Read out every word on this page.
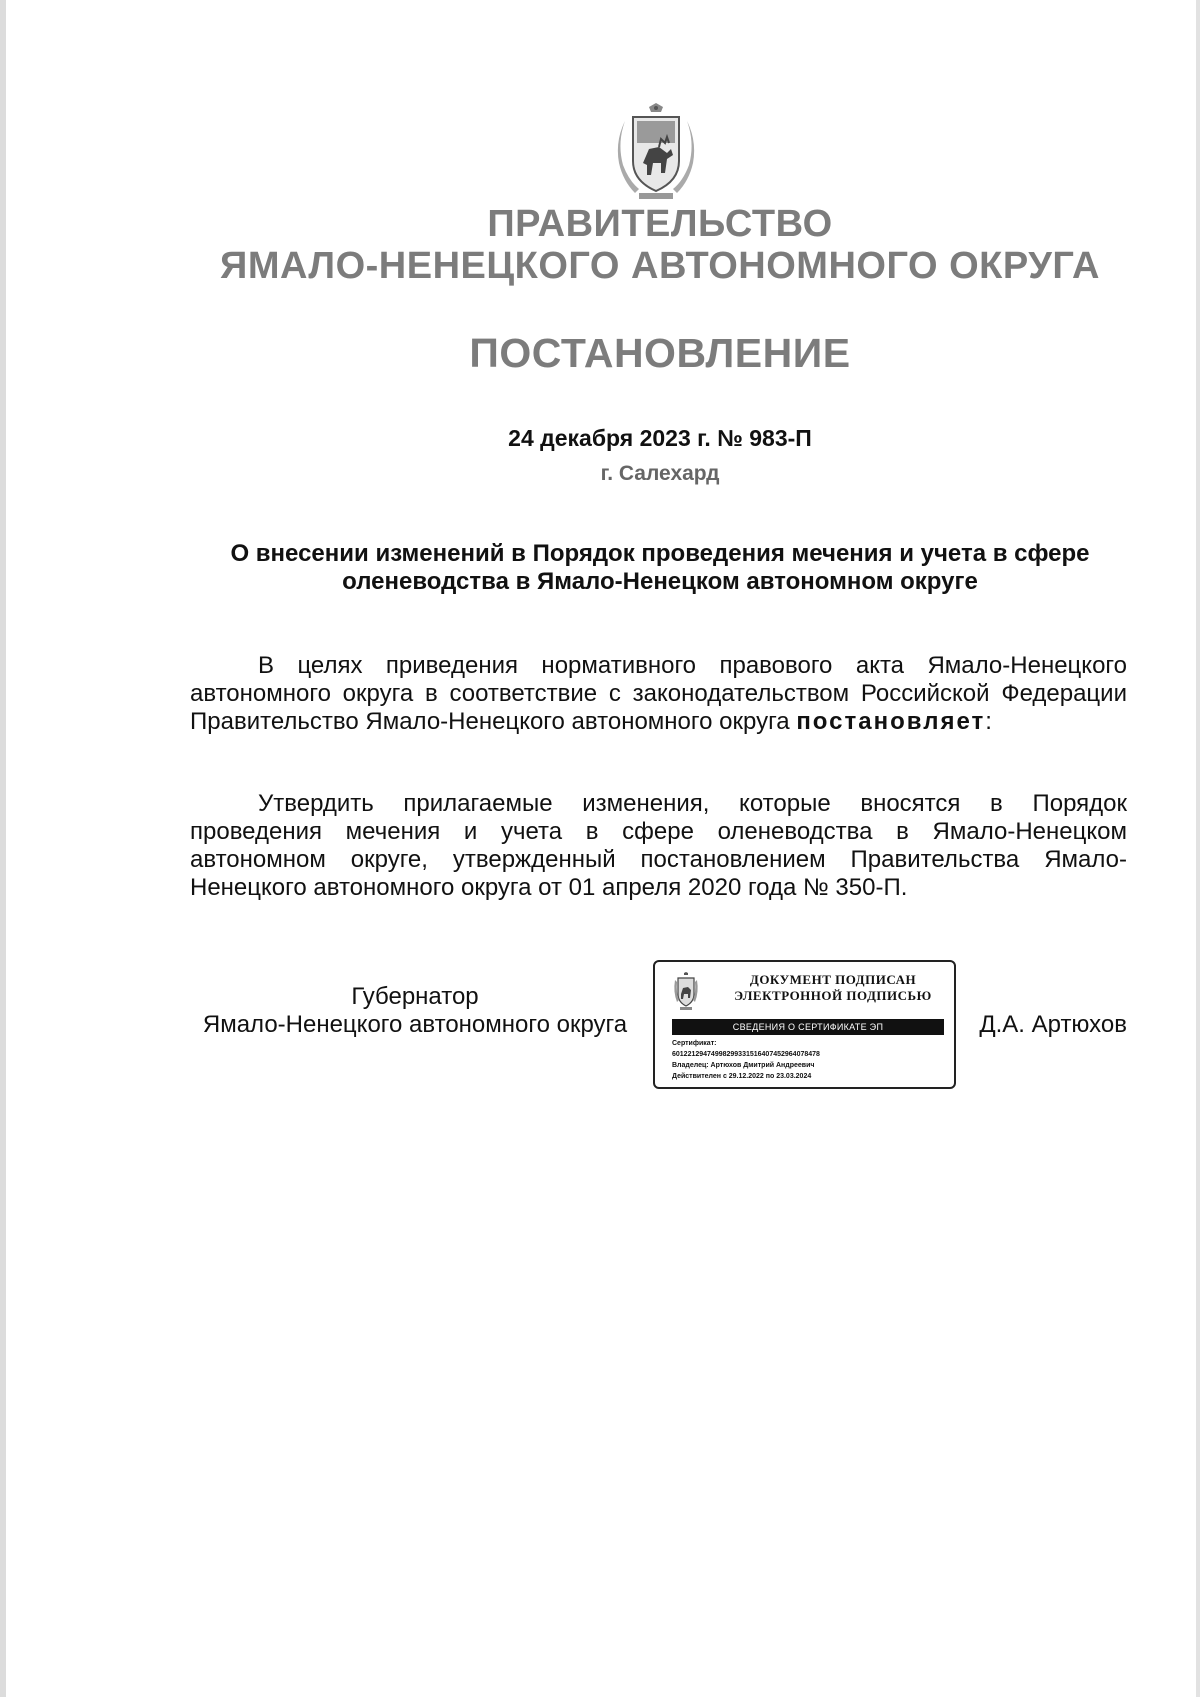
ПРАВИТЕЛЬСТВО
ЯМАЛО-НЕНЕЦКОГО АВТОНОМНОГО ОКРУГА
ПОСТАНОВЛЕНИЕ
24 декабря 2023 г. № 983-П
г. Салехард
О внесении изменений в Порядок проведения мечения и учета в сфере
оленеводства в Ямало-Ненецком автономном округе
В целях приведения нормативного правового акта Ямало-Ненецкого автономного округа в соответствие с законодательством Российской Федерации Правительство Ямало-Ненецкого автономного округа постановляет:
Утвердить прилагаемые изменения, которые вносятся в Порядок проведения мечения и учета в сфере оленеводства в Ямало-Ненецком автономном округе, утвержденный постановлением Правительства Ямало-Ненецкого автономного округа от 01 апреля 2020 года № 350-П.
Губернатор
Ямало-Ненецкого автономного округа
ДОКУМЕНТ ПОДПИСАН
ЭЛЕКТРОННОЙ ПОДПИСЬЮ
СВЕДЕНИЯ О СЕРТИФИКАТЕ ЭП
Сертификат:
60122129474998299331516407452964078478
Владелец: Артюхов Дмитрий Андреевич
Действителен с 29.12.2022 по 23.03.2024
Д.А. Артюхов
